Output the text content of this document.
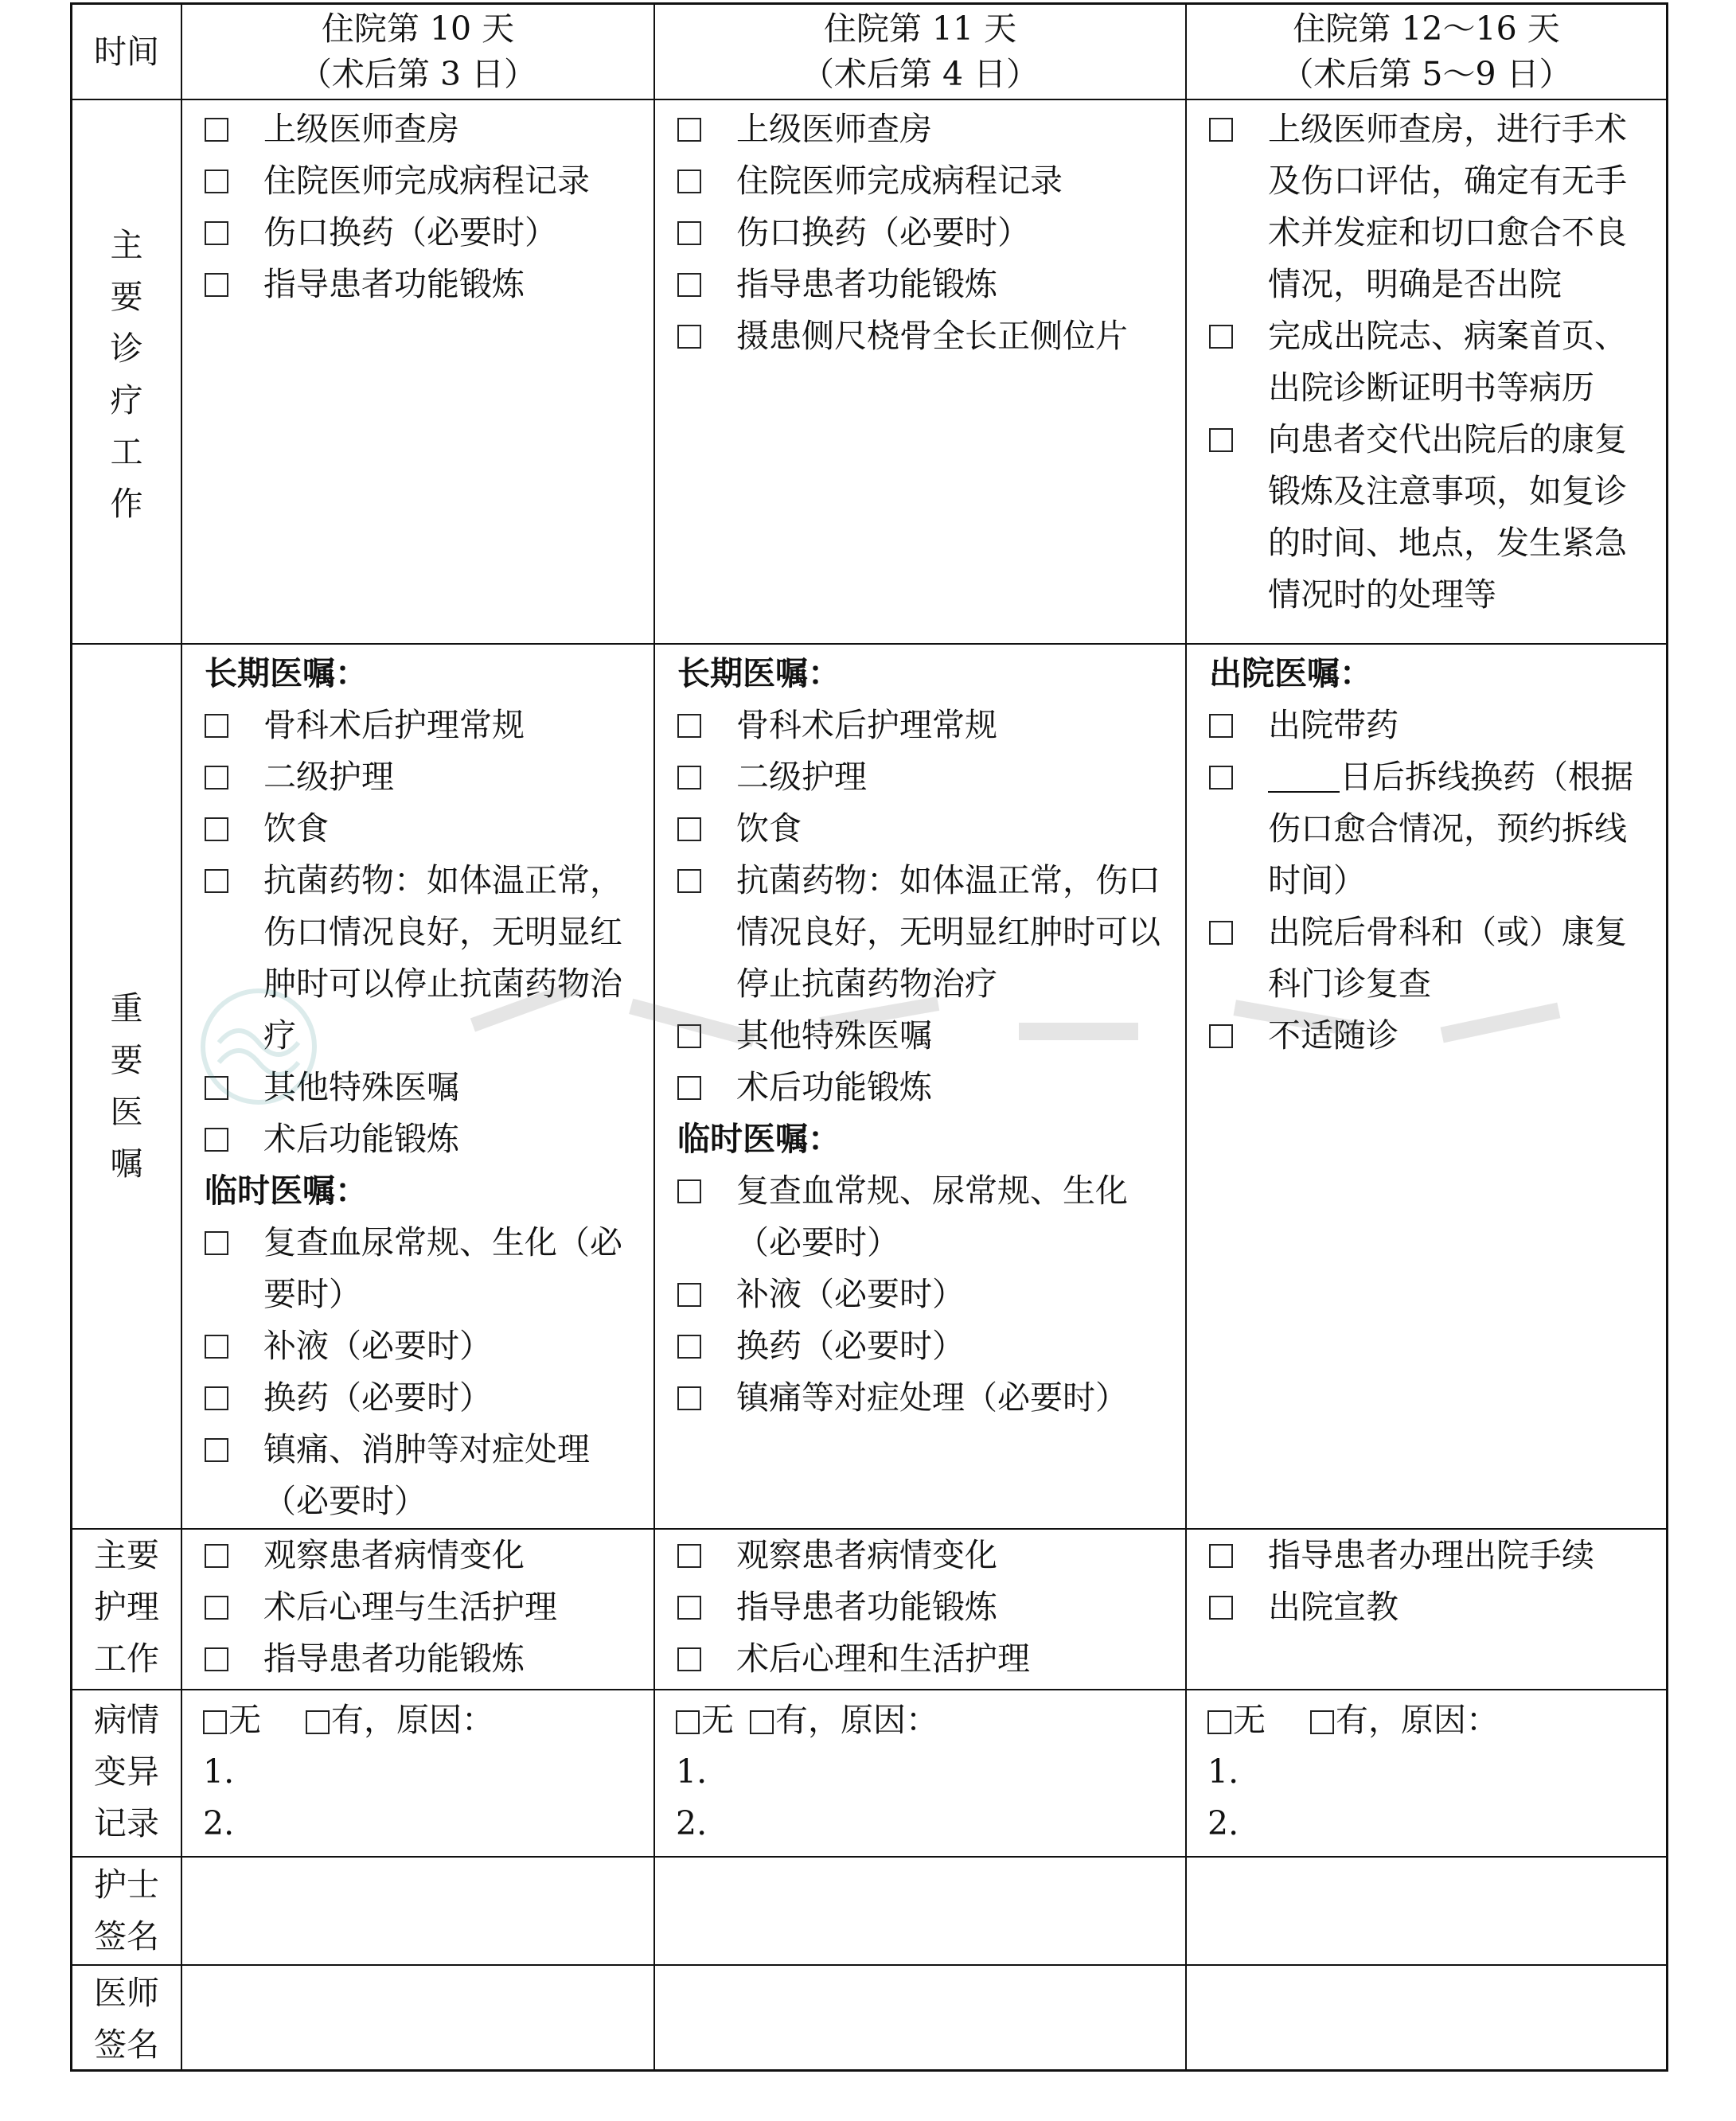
时间
住院第 10 天
（术后第 3 日）
住院第 11 天
（术后第 4 日）
住院第 12～16 天
（术后第 5～9 日）
主
要
诊
疗
工
作
上级医师查房
住院医师完成病程记录
伤口换药（必要时）
指导患者功能锻炼
上级医师查房
住院医师完成病程记录
伤口换药（必要时）
指导患者功能锻炼
摄患侧尺桡骨全长正侧位片
上级医师查房，进行手术及伤口评估，确定有无手术并发症和切口愈合不良情况，明确是否出院
完成出院志、病案首页、出院诊断证明书等病历
向患者交代出院后的康复锻炼及注意事项，如复诊的时间、地点，发生紧急情况时的处理等
重
要
医
嘱
长期医嘱：
骨科术后护理常规
二级护理
饮食
抗菌药物：如体温正常，伤口情况良好，无明显红肿时可以停止抗菌药物治疗
其他特殊医嘱
术后功能锻炼
临时医嘱：
复查血尿常规、生化（必要时）
补液（必要时）
换药（必要时）
镇痛、消肿等对症处理（必要时）
长期医嘱：
骨科术后护理常规
二级护理
饮食
抗菌药物：如体温正常，伤口情况良好，无明显红肿时可以停止抗菌药物治疗
其他特殊医嘱
术后功能锻炼
临时医嘱：
复查血常规、尿常规、生化（必要时）
补液（必要时）
换药（必要时）
镇痛等对症处理（必要时）
出院医嘱：
出院带药
日后拆线换药（根据伤口愈合情况，预约拆线时间）
出院后骨科和（或）康复科门诊复查
不适随诊
主要
护理
工作
观察患者病情变化
术后心理与生活护理
指导患者功能锻炼
观察患者病情变化
指导患者功能锻炼
术后心理和生活护理
指导患者办理出院手续
出院宣教
病情
变异
记录
无 有，原因：
1.
2.
无 有，原因：
1.
2.
无 有，原因：
1.
2.
护士
签名
医师
签名
